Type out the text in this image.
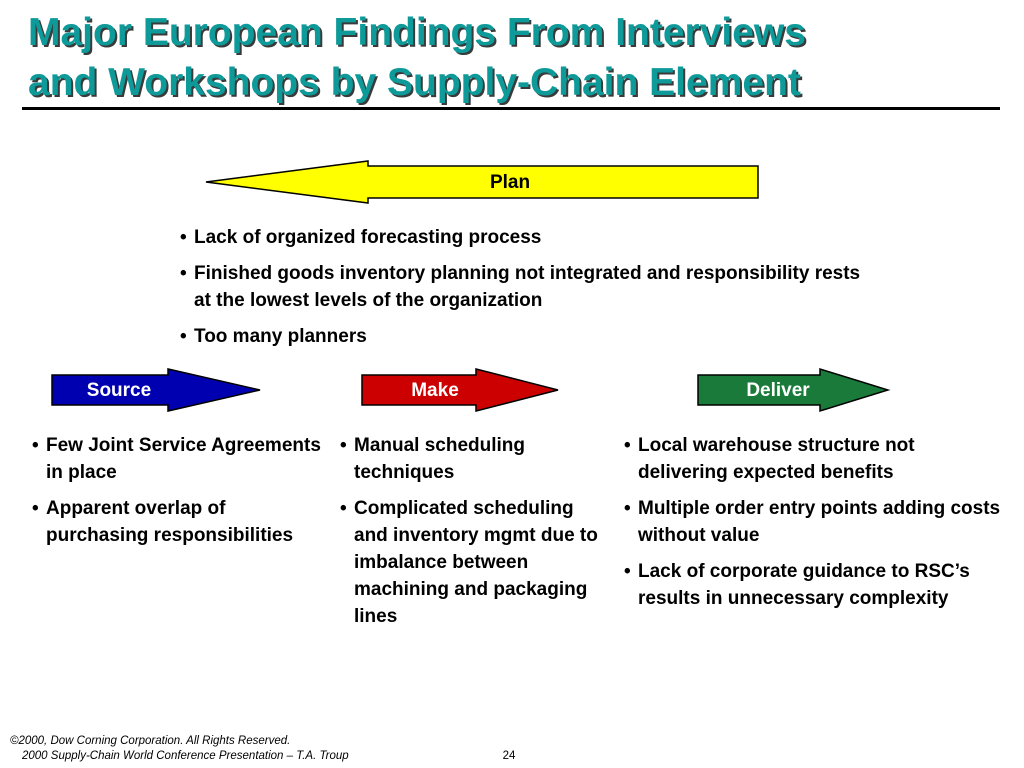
Major European Findings From Interviews
and Workshops by Supply-Chain Element
Plan
Source	Make	Deliver
• Lack of organized forecasting process
• Finished goods inventory planning not integrated and responsibility rests at the lowest levels of the organization
• Too many planners
• Few Joint Service Agreements in place
• Apparent overlap of purchasing responsibilities
• Manual scheduling techniques
• Complicated scheduling and inventory mgmt due to imbalance between machining and packaging lines
• Local warehouse structure not delivering expected benefits
• Multiple order entry points adding costs without value
• Lack of corporate guidance to RSC’s results in unnecessary complexity
©2000, Dow Corning Corporation. All Rights Reserved.
2000 Supply-Chain World Conference Presentation – T.A. Troup	24
